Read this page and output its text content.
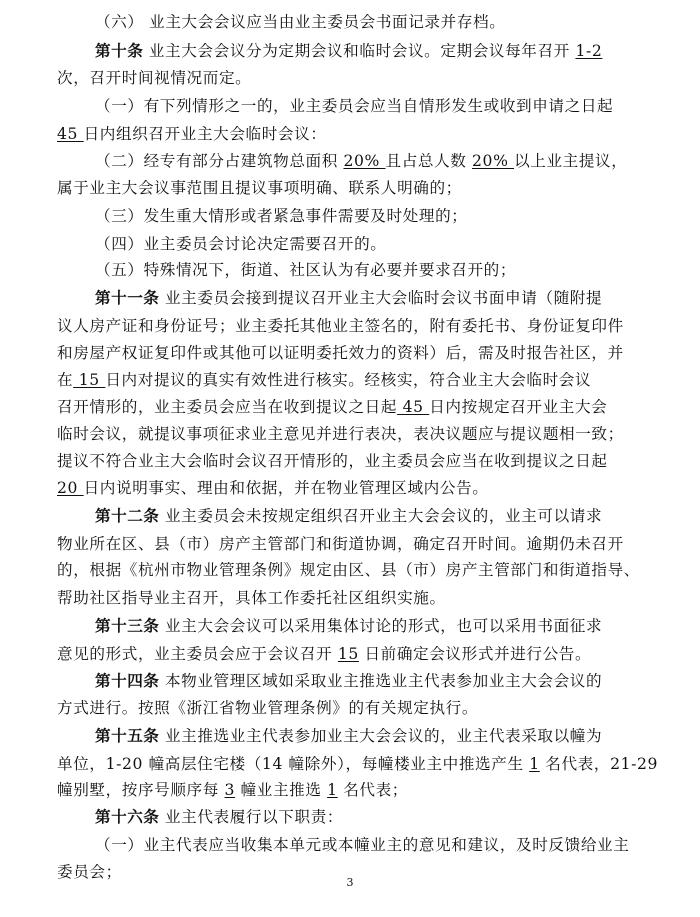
（六） 业主大会会议应当由业主委员会书面记录并存档。
第十条 业主大会会议分为定期会议和临时会议。定期会议每年召开 1-2
次，召开时间视情况而定。
（一）有下列情形之一的，业主委员会应当自情形发生或收到申请之日起
45 日内组织召开业主大会临时会议：
（二）经专有部分占建筑物总面积 20% 且占总人数 20% 以上业主提议，
属于业主大会议事范围且提议事项明确、联系人明确的；
（三）发生重大情形或者紧急事件需要及时处理的；
（四）业主委员会讨论决定需要召开的。
（五）特殊情况下，街道、社区认为有必要并要求召开的；
第十一条 业主委员会接到提议召开业主大会临时会议书面申请（随附提
议人房产证和身份证号；业主委托其他业主签名的，附有委托书、身份证复印件
和房屋产权证复印件或其他可以证明委托效力的资料）后，需及时报告社区，并
在 15 日内对提议的真实有效性进行核实。经核实，符合业主大会临时会议
召开情形的，业主委员会应当在收到提议之日起 45 日内按规定召开业主大会
临时会议，就提议事项征求业主意见并进行表决，表决议题应与提议题相一致；
提议不符合业主大会临时会议召开情形的，业主委员会应当在收到提议之日起
20 日内说明事实、理由和依据，并在物业管理区域内公告。
第十二条 业主委员会未按规定组织召开业主大会会议的，业主可以请求
物业所在区、县（市）房产主管部门和街道协调，确定召开时间。逾期仍未召开
的，根据《杭州市物业管理条例》规定由区、县（市）房产主管部门和街道指导、
帮助社区指导业主召开，具体工作委托社区组织实施。
第十三条 业主大会会议可以采用集体讨论的形式，也可以采用书面征求
意见的形式，业主委员会应于会议召开 15 日前确定会议形式并进行公告。
第十四条 本物业管理区域如采取业主推选业主代表参加业主大会会议的
方式进行。按照《浙江省物业管理条例》的有关规定执行。
第十五条 业主推选业主代表参加业主大会会议的，业主代表采取以幢为
单位，1-20 幢高层住宅楼（14 幢除外），每幢楼业主中推选产生 1 名代表，21-29
幢别墅，按序号顺序每 3 幢业主推选 1 名代表；
第十六条 业主代表履行以下职责：
（一）业主代表应当收集本单元或本幢业主的意见和建议，及时反馈给业主
委员会；
3
